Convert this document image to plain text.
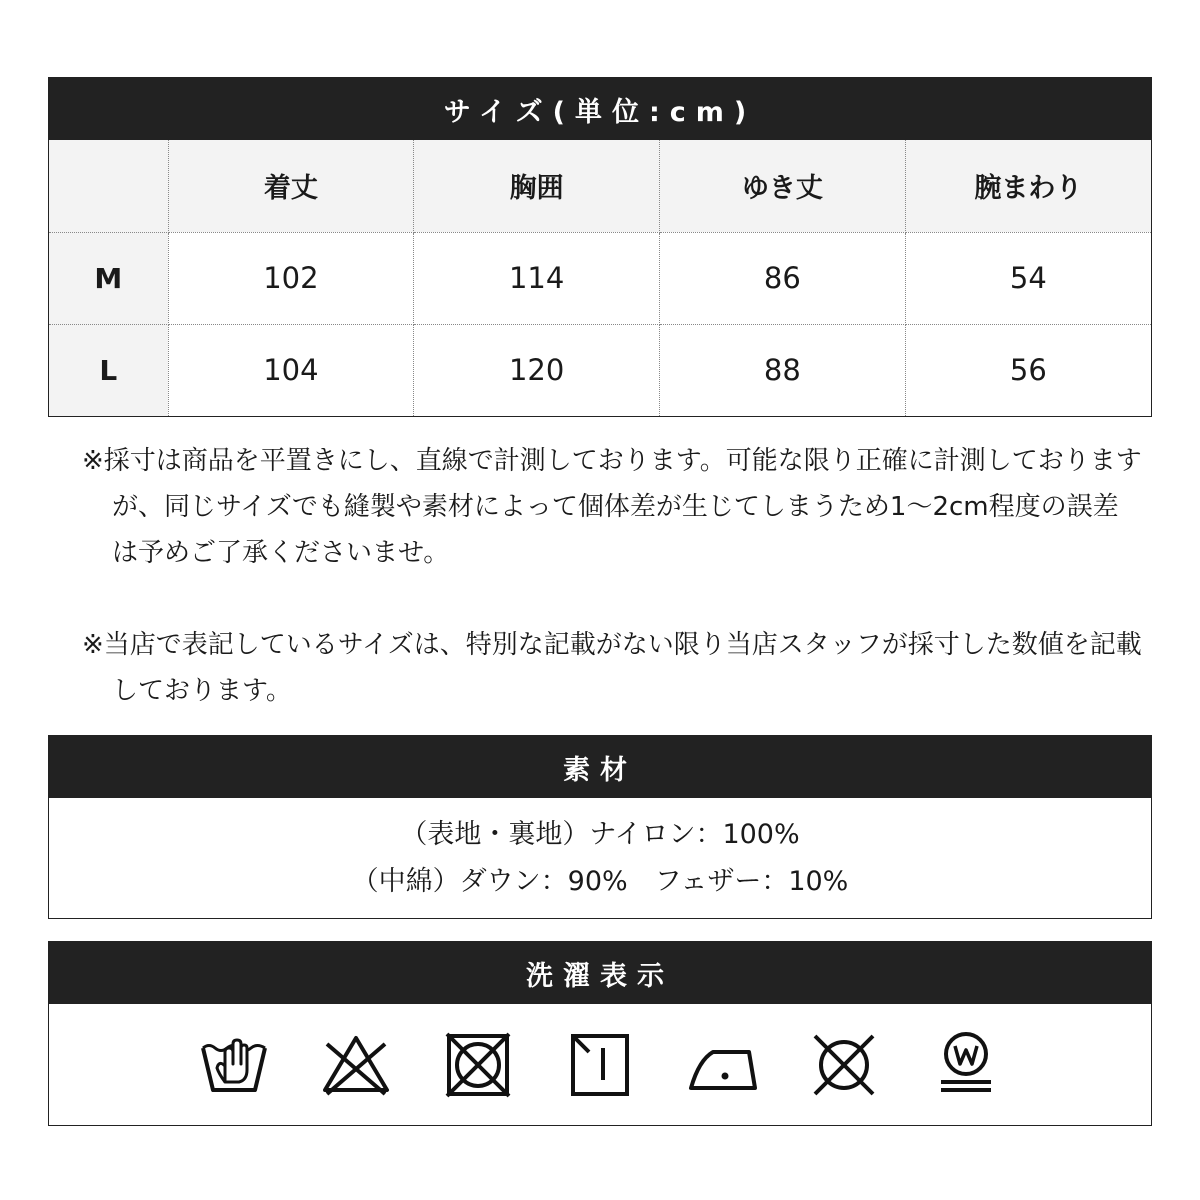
サイズ(単位:cm)
	着丈	胸囲	ゆき丈	腕まわり
M	102	114	86	54
L	104	120	88	56

※採寸は商品を平置きにし、直線で計測しております。可能な限り正確に計測しておりますが、同じサイズでも縫製や素材によって個体差が生じてしまうため1～2cm程度の誤差は予めご了承くださいませ。

※当店で表記しているサイズは、特別な記載がない限り当店スタッフが採寸した数値を記載しております。

素材
（表地・裏地）ナイロン：100%
（中綿）ダウン：90%　フェザー：10%
洗濯表示
